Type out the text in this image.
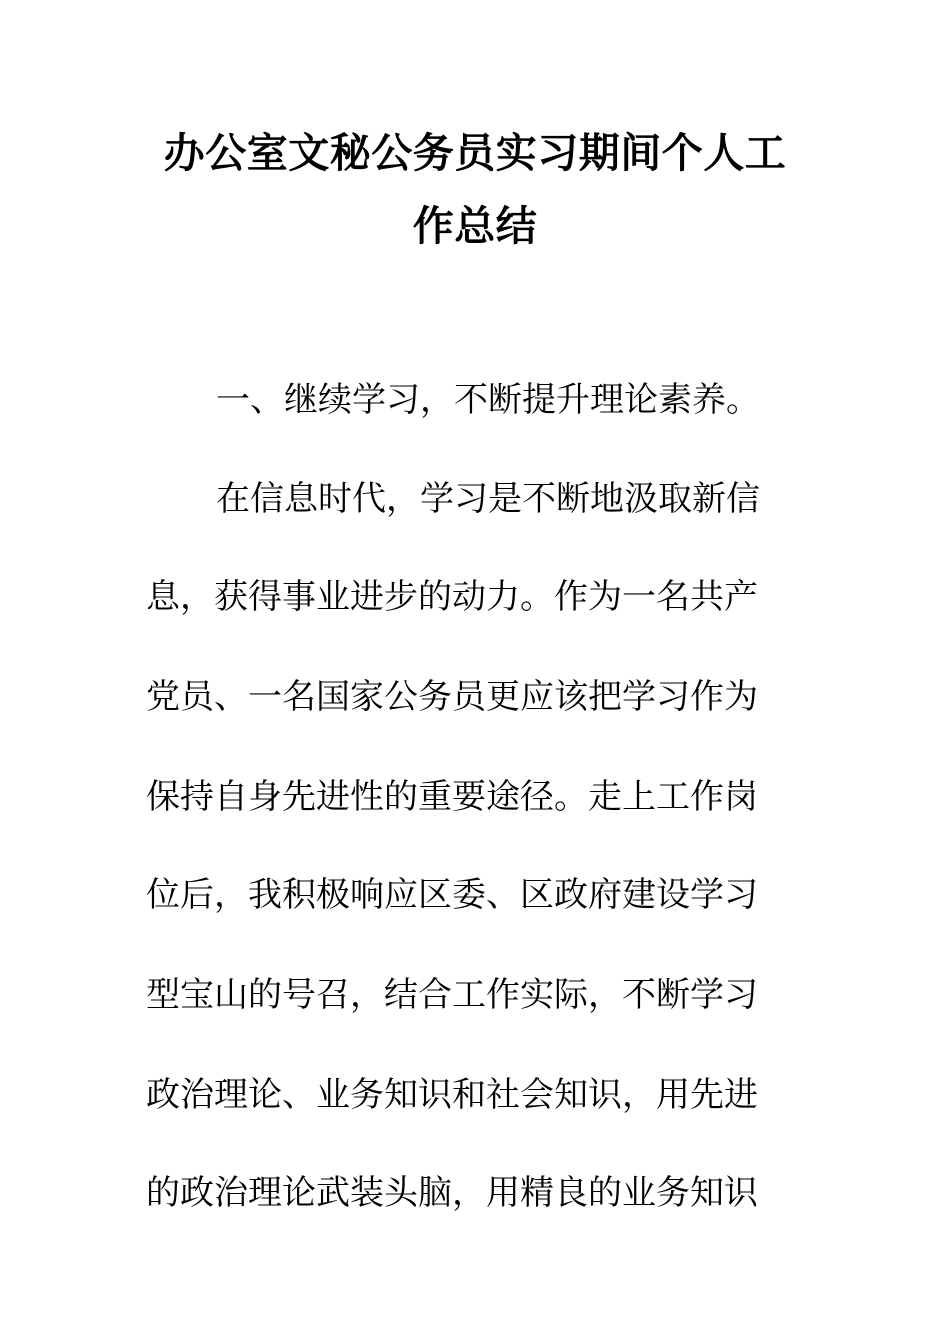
办公室文秘公务员实习期间个人工
作总结
一、继续学习，不断提升理论素养。
在信息时代，学习是不断地汲取新信
息，获得事业进步的动力。作为一名共产
党员、一名国家公务员更应该把学习作为
保持自身先进性的重要途径。走上工作岗
位后，我积极响应区委、区政府建设学习
型宝山的号召，结合工作实际，不断学习
政治理论、业务知识和社会知识，用先进
的政治理论武装头脑，用精良的业务知识
